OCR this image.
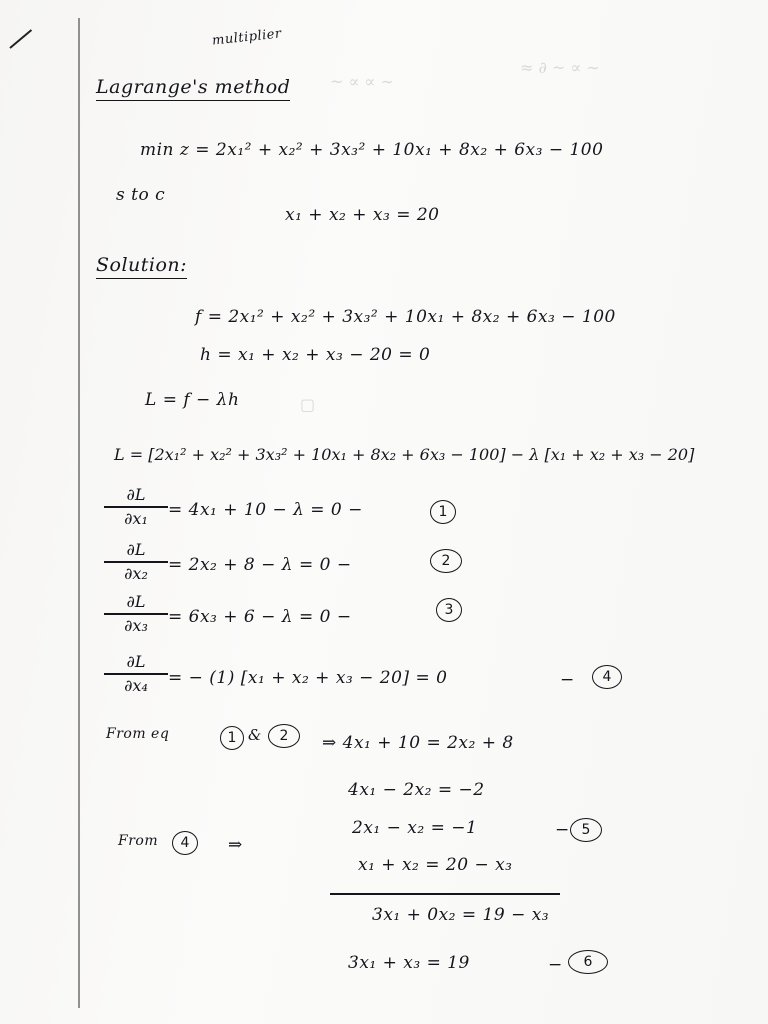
≈ ∂ ~ ∝ ∼
~ ∝ ∝ ∼
▢
multiplier
Lagrange's method
min z = 2x₁² + x₂² + 3x₃² + 10x₁ + 8x₂ + 6x₃ − 100
s to c
x₁ + x₂ + x₃ = 20
Solution:
f = 2x₁² + x₂² + 3x₃² + 10x₁ + 8x₂ + 6x₃ − 100
h = x₁ + x₂ + x₃ − 20 = 0
L = f − λh
L = [2x₁² + x₂² + 3x₃² + 10x₁ + 8x₂ + 6x₃ − 100] − λ [x₁ + x₂ + x₃ − 20]
∂L
∂x₁	= 4x₁ + 10 − λ = 0 −	1
∂L
∂x₂	= 2x₂ + 8 − λ = 0 −	2
∂L
∂x₃	= 6x₃ + 6 − λ = 0 −	3
∂L
∂x₄	= − (1) [x₁ + x₂ + x₃ − 20] = 0	−	4
From eq	1 &	2	⇒ 4x₁ + 10 = 2x₂ + 8
4x₁ − 2x₂ = −2
2x₁ − x₂ = −1	− 5
From	4	⇒
x₁ + x₂ = 20 − x₃
3x₁ + 0x₂ = 19 − x₃
3x₁ + x₃ = 19	−	6
